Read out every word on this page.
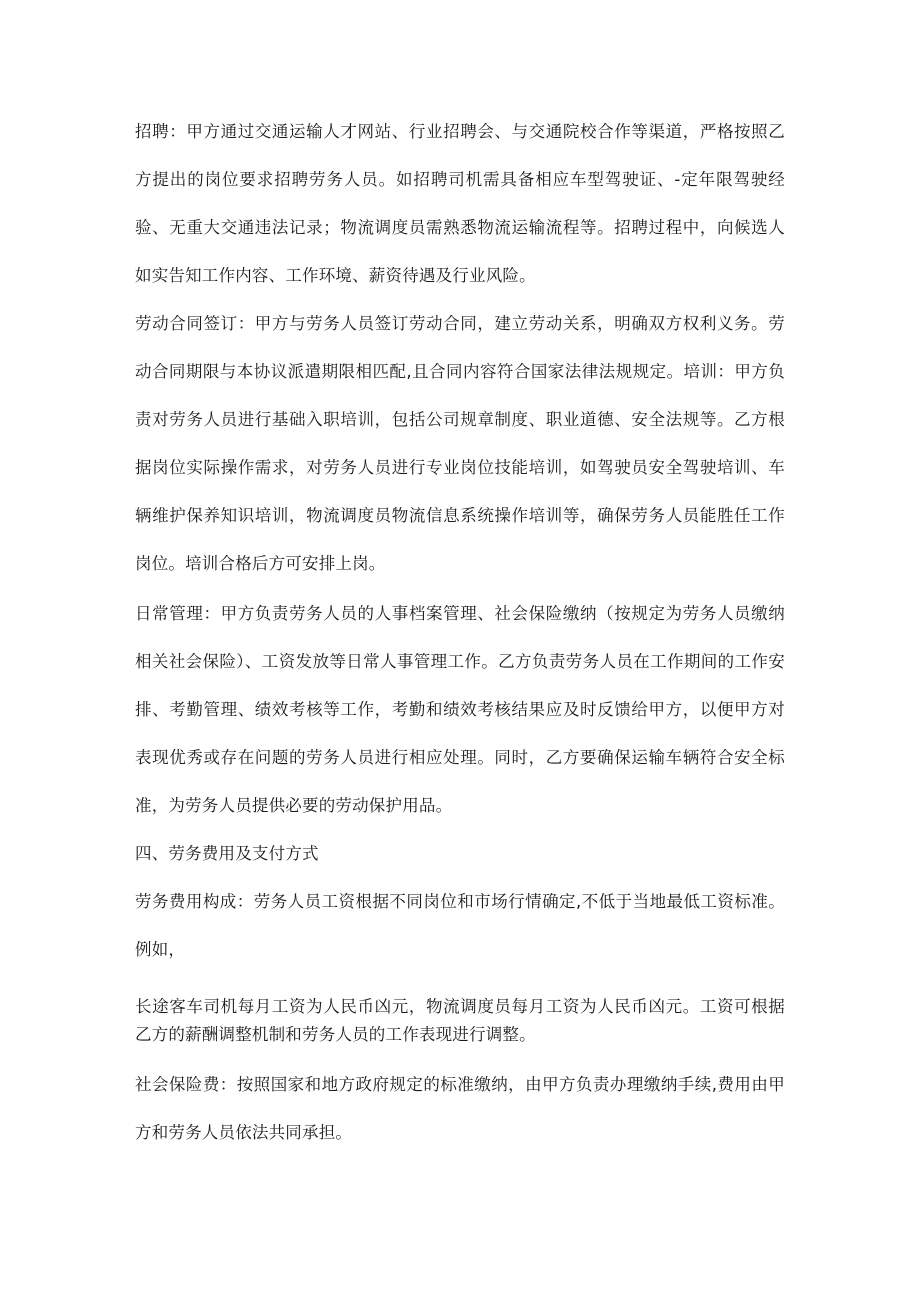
招聘：甲方通过交通运输人才网站、行业招聘会、与交通院校合作等渠道，严格按照乙方提出的岗位要求招聘劳务人员。如招聘司机需具备相应车型驾驶证、-定年限驾驶经验、无重大交通违法记录；物流调度员需熟悉物流运输流程等。招聘过程中，向候选人如实告知工作内容、工作环境、薪资待遇及行业风险。

劳动合同签订：甲方与劳务人员签订劳动合同，建立劳动关系，明确双方权利义务。劳动合同期限与本协议派遣期限相匹配,且合同内容符合国家法律法规规定。培训：甲方负责对劳务人员进行基础入职培训，包括公司规章制度、职业道德、安全法规等。乙方根据岗位实际操作需求，对劳务人员进行专业岗位技能培训，如驾驶员安全驾驶培训、车辆维护保养知识培训，物流调度员物流信息系统操作培训等，确保劳务人员能胜任工作岗位。培训合格后方可安排上岗。

日常管理：甲方负责劳务人员的人事档案管理、社会保险缴纳（按规定为劳务人员缴纳相关社会保险）、工资发放等日常人事管理工作。乙方负责劳务人员在工作期间的工作安排、考勤管理、绩效考核等工作，考勤和绩效考核结果应及时反馈给甲方，以便甲方对表现优秀或存在问题的劳务人员进行相应处理。同时，乙方要确保运输车辆符合安全标准，为劳务人员提供必要的劳动保护用品。

四、劳务费用及支付方式

劳务费用构成：劳务人员工资根据不同岗位和市场行情确定,不低于当地最低工资标准。例如，

长途客车司机每月工资为人民币凶元，物流调度员每月工资为人民币凶元。工资可根据乙方的薪酬调整机制和劳务人员的工作表现进行调整。

社会保险费：按照国家和地方政府规定的标准缴纳，由甲方负责办理缴纳手续,费用由甲方和劳务人员依法共同承担。
